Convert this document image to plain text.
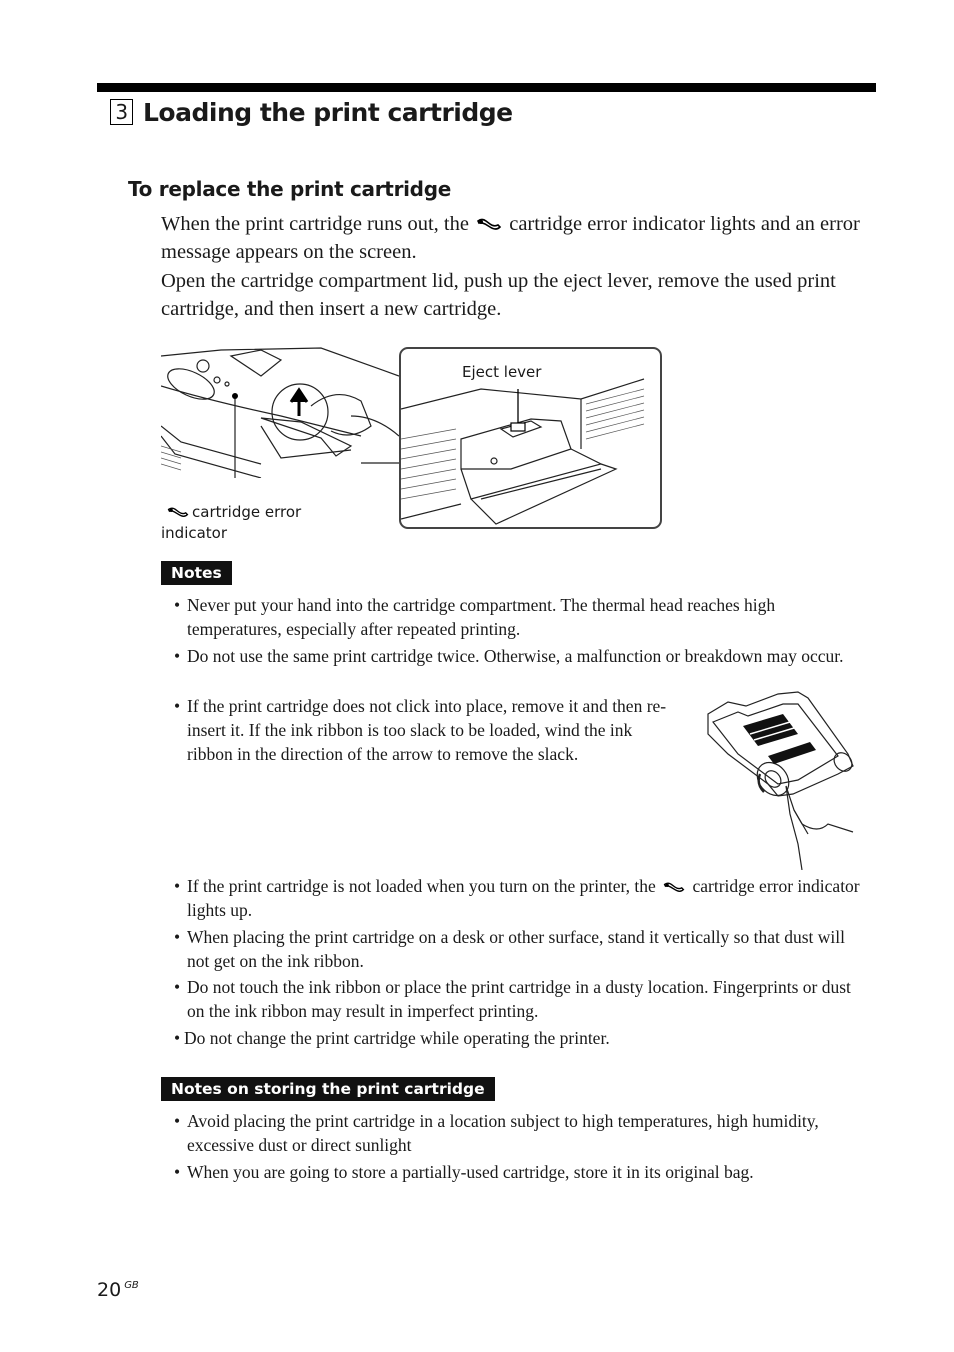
3 Loading the print cartridge
To replace the print cartridge
When the print cartridge runs out, the cartridge error indicator lights and an error message appears on the screen.
Open the cartridge compartment lid, push up the eject lever, remove the used print cartridge, and then insert a new cartridge.
Eject lever
cartridge error
indicator
Notes
• Never put your hand into the cartridge compartment. The thermal head reaches high temperatures, especially after repeated printing.
• Do not use the same print cartridge twice. Otherwise, a malfunction or breakdown may occur.
• If the print cartridge does not click into place, remove it and then re-insert it. If the ink ribbon is too slack to be loaded, wind the ink ribbon in the direction of the arrow to remove the slack.
• If the print cartridge is not loaded when you turn on the printer, the cartridge error indicator lights up.
• When placing the print cartridge on a desk or other surface, stand it vertically so that dust will not get on the ink ribbon.
• Do not touch the ink ribbon or place the print cartridge in a dusty location. Fingerprints or dust on the ink ribbon may result in imperfect printing.
• Do not change the print cartridge while operating the printer.
Notes on storing the print cartridge
• Avoid placing the print cartridge in a location subject to high temperatures, high humidity, excessive dust or direct sunlight
• When you are going to store a partially-used cartridge, store it in its original bag.
20 $^{GB}$
